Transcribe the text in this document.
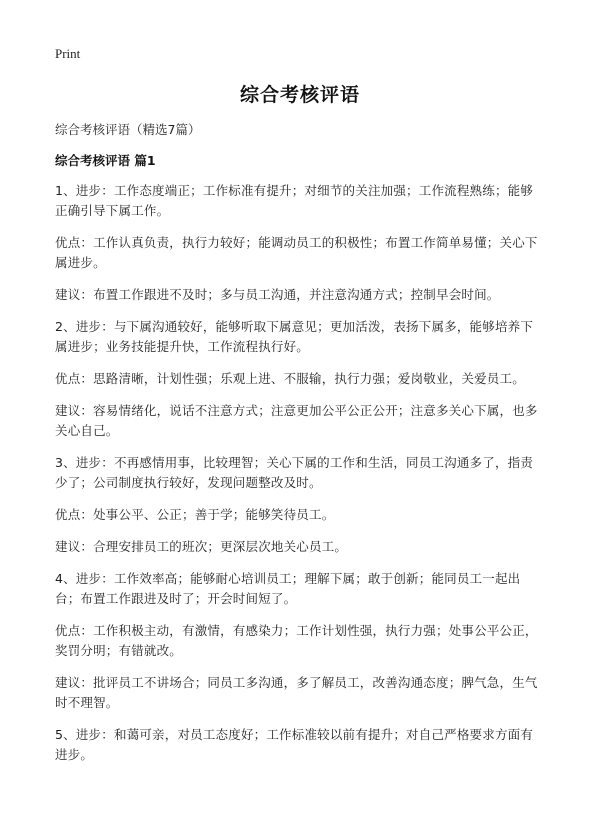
Print
综合考核评语
综合考核评语（精选7篇）
综合考核评语 篇1

1、进步：工作态度端正；工作标准有提升；对细节的关注加强；工作流程熟练；能够正确引导下属工作。

优点：工作认真负责，执行力较好；能调动员工的积极性；布置工作简单易懂；关心下属进步。

建议：布置工作跟进不及时；多与员工沟通，并注意沟通方式；控制早会时间。

2、进步：与下属沟通较好，能够听取下属意见；更加活泼，表扬下属多，能够培养下属进步；业务技能提升快，工作流程执行好。

优点：思路清晰，计划性强；乐观上进、不服输，执行力强；爱岗敬业，关爱员工。

建议：容易情绪化，说话不注意方式；注意更加公平公正公开；注意多关心下属，也多关心自己。

3、进步：不再感情用事，比较理智；关心下属的工作和生活，同员工沟通多了，指责少了；公司制度执行较好，发现问题整改及时。

优点：处事公平、公正；善于学；能够笑待员工。

建议：合理安排员工的班次；更深层次地关心员工。

4、进步：工作效率高；能够耐心培训员工；理解下属；敢于创新；能同员工一起出台；布置工作跟进及时了；开会时间短了。

优点：工作积极主动，有激情，有感染力；工作计划性强，执行力强；处事公平公正，奖罚分明；有错就改。

建议：批评员工不讲场合；同员工多沟通，多了解员工，改善沟通态度；脾气急，生气时不理智。

5、进步：和蔼可亲，对员工态度好；工作标准较以前有提升；对自己严格要求方面有进步。
